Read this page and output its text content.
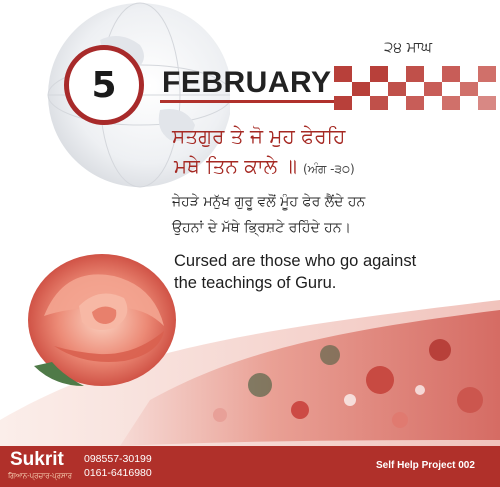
5 FEBRUARY
੨੪ ਮਾਘ
ਸਤਗੁਰ ਤੇ ਜੋ ਮੁਹ ਫੇਰਹਿ
ਮਥੇ ਤਿਨ ਕਾਲੇ ॥ (ਅੰਗ -੩੦)
ਜੇਹੜੇ ਮਨੁੱਖ ਗੁਰੂ ਵਲੋਂ ਮੂੰਹ ਫੇਰ ਲੈਂਦੇ ਹਨ
ਉਹਨਾਂ ਦੇ ਮੱਥੇ ਭ੍ਰਿਸ਼ਟੇ ਰਹਿੰਦੇ ਹਨ।
Cursed are those who go against
the teachings of Guru.
Sukrit
ਗਿਆਨ-ਪ੍ਰਚਾਰ-ਪ੍ਰਸਾਰ
098557-30199
0161-6416980
Self Help Project 002
